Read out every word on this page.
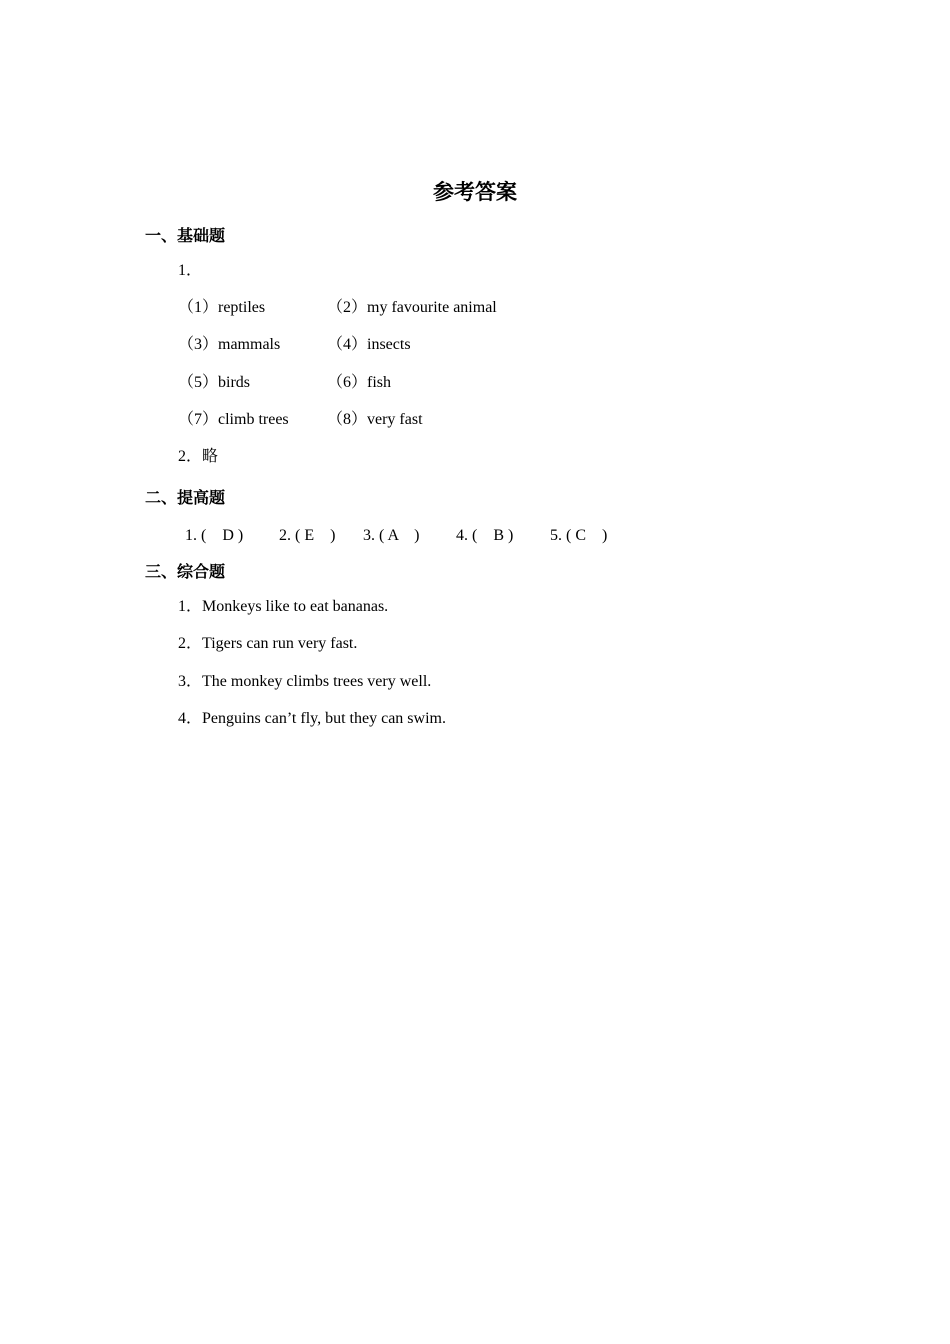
参考答案
一、基础题
1．
（1）reptiles	（2）my favourite animal
（3）mammals	（4）insects
（5）birds	（6）fish
（7）climb trees （8）very fast
2．略
二、提高题
1. (　D ) 2. ( E　) 3. ( A　) 4. (　B ) 5. ( C　)
三、综合题
1．Monkeys like to eat bananas.
2．Tigers can run very fast.
3．The monkey climbs trees very well.
4．Penguins can’t fly, but they can swim.
